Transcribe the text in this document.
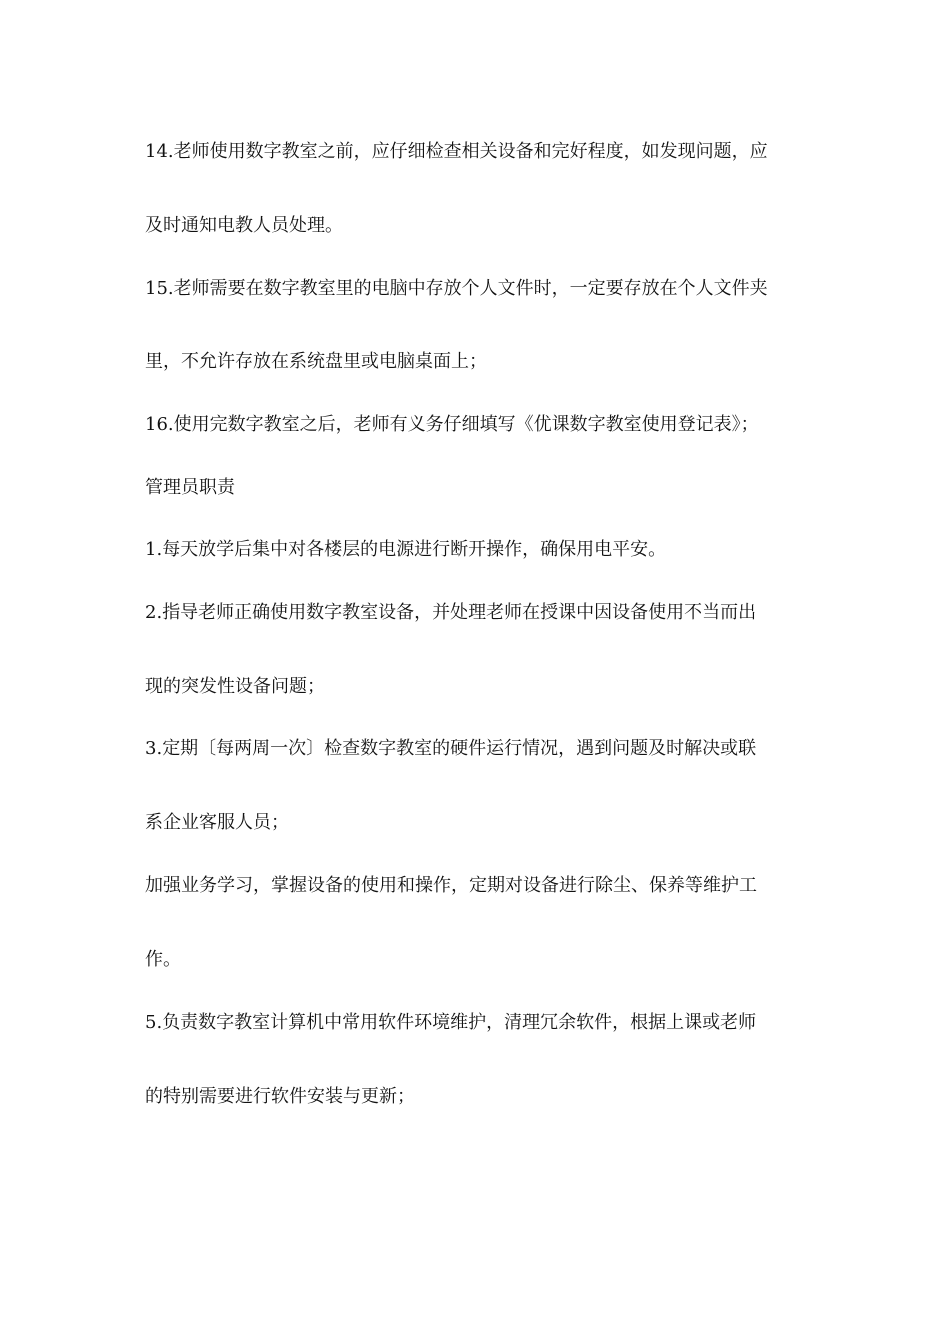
14.老师使用数字教室之前，应仔细检查相关设备和完好程度，如发现问题，应
及时通知电教人员处理。
15.老师需要在数字教室里的电脑中存放个人文件时，一定要存放在个人文件夹
里，不允许存放在系统盘里或电脑桌面上；
16.使用完数字教室之后，老师有义务仔细填写《优课数字教室使用登记表》；
管理员职责
1.每天放学后集中对各楼层的电源进行断开操作，确保用电平安。
2.指导老师正确使用数字教室设备，并处理老师在授课中因设备使用不当而出
现的突发性设备问题；
3.定期〔每两周一次〕检查数字教室的硬件运行情况，遇到问题及时解决或联
系企业客服人员；
加强业务学习，掌握设备的使用和操作，定期对设备进行除尘、保养等维护工
作。
5.负责数字教室计算机中常用软件环境维护，清理冗余软件，根据上课或老师
的特别需要进行软件安装与更新；
